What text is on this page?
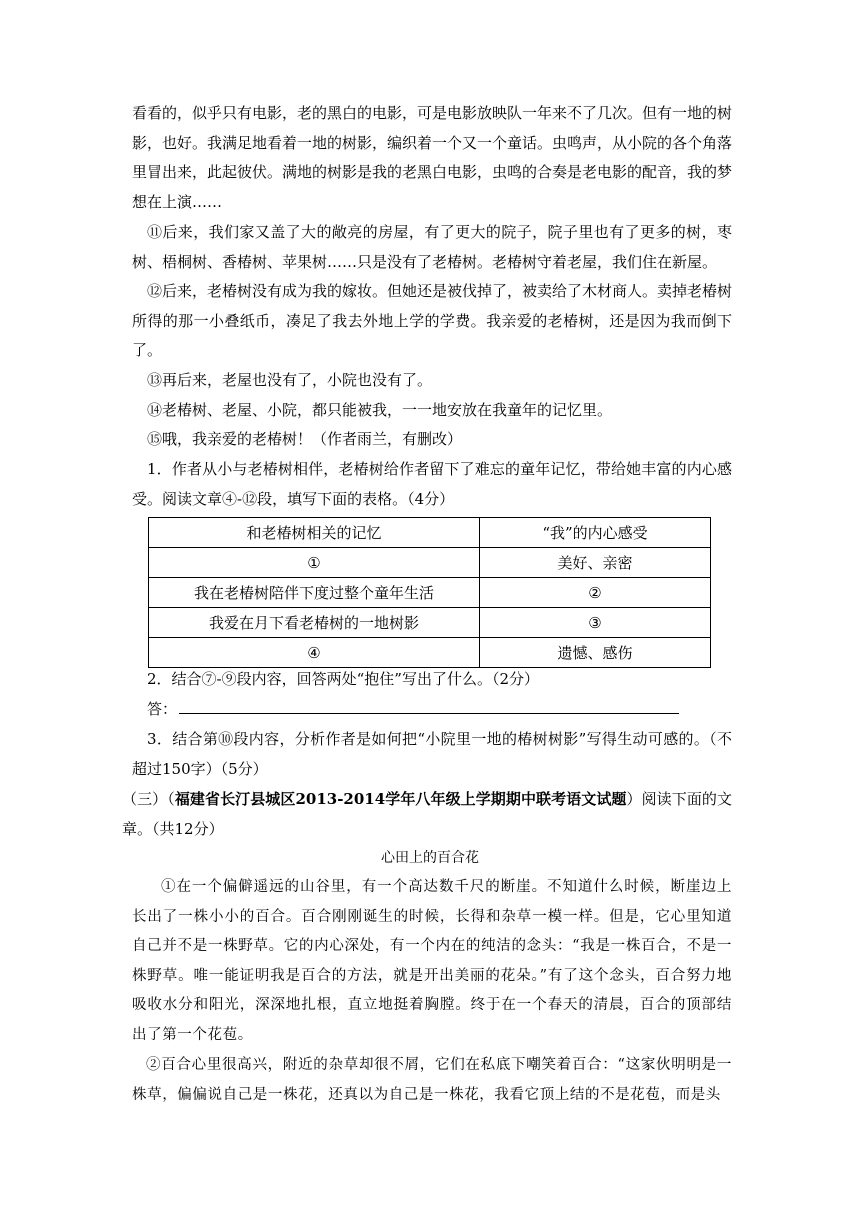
看看的，似乎只有电影，老的黑白的电影，可是电影放映队一年来不了几次。但有一地的树影，也好。我满足地看着一地的树影，编织着一个又一个童话。虫鸣声，从小院的各个角落里冒出来，此起彼伏。满地的树影是我的老黑白电影，虫鸣的合奏是老电影的配音，我的梦想在上演……

⑪后来，我们家又盖了大的敞亮的房屋，有了更大的院子，院子里也有了更多的树，枣树、梧桐树、香椿树、苹果树……只是没有了老椿树。老椿树守着老屋，我们住在新屋。

⑫后来，老椿树没有成为我的嫁妆。但她还是被伐掉了，被卖给了木材商人。卖掉老椿树所得的那一小叠纸币，凑足了我去外地上学的学费。我亲爱的老椿树，还是因为我而倒下了。

⑬再后来，老屋也没有了，小院也没有了。

⑭老椿树、老屋、小院，都只能被我，一一地安放在我童年的记忆里。

⑮哦，我亲爱的老椿树！（作者雨兰，有删改）

1．作者从小与老椿树相伴，老椿树给作者留下了难忘的童年记忆，带给她丰富的内心感受。阅读文章④-⑫段，填写下面的表格。（4分）

和老椿树相关的记忆	“我”的内心感受
①	美好、亲密
我在老椿树陪伴下度过整个童年生活	②
我爱在月下看老椿树的一地树影	③
④	遗憾、感伤

2．结合⑦-⑨段内容，回答两处“抱住”写出了什么。（2分）

答：

3．结合第⑩段内容，分析作者是如何把“小院里一地的椿树树影”写得生动可感的。（不超过150字）（5分）

（三）（福建省长汀县城区2013-2014学年八年级上学期期中联考语文试题）阅读下面的文章。（共12分）

心田上的百合花

①在一个偏僻遥远的山谷里，有一个高达数千尺的断崖。不知道什么时候，断崖边上长出了一株小小的百合。百合刚刚诞生的时候，长得和杂草一模一样。但是，它心里知道自己并不是一株野草。它的内心深处，有一个内在的纯洁的念头：“我是一株百合，不是一株野草。唯一能证明我是百合的方法，就是开出美丽的花朵。”有了这个念头，百合努力地吸收水分和阳光，深深地扎根，直立地挺着胸膛。终于在一个春天的清晨，百合的顶部结出了第一个花苞。

②百合心里很高兴，附近的杂草却很不屑，它们在私底下嘲笑着百合：“这家伙明明是一株草，偏偏说自己是一株花，还真以为自己是一株花，我看它顶上结的不是花苞，而是头
